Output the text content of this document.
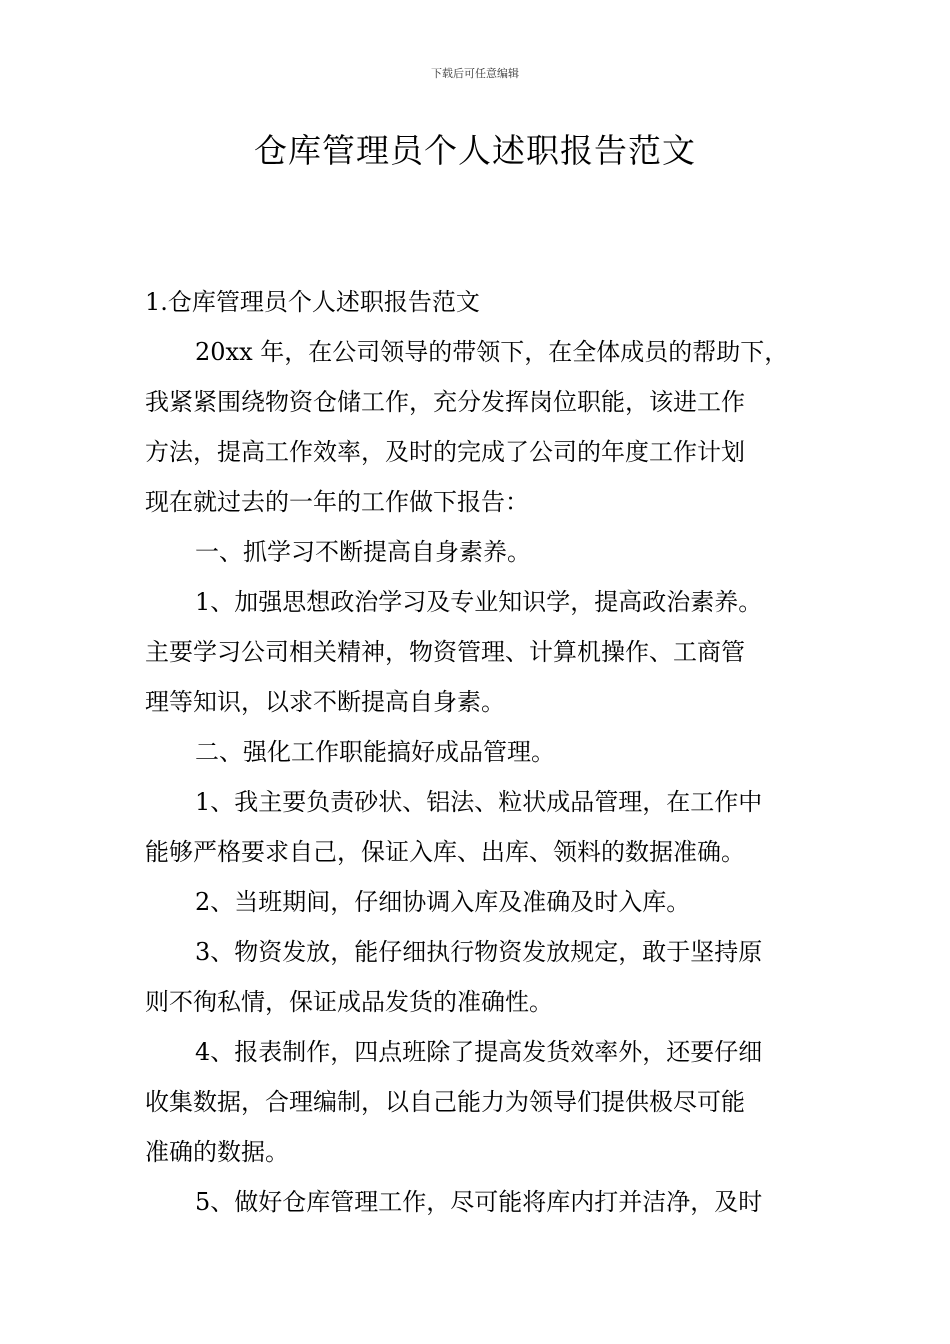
下载后可任意编辑
仓库管理员个人述职报告范文
1.仓库管理员个人述职报告范文
20xx 年，在公司领导的带领下，在全体成员的帮助下，
我紧紧围绕物资仓储工作，充分发挥岗位职能，该进工作
方法，提高工作效率，及时的完成了公司的年度工作计划
现在就过去的一年的工作做下报告：
一、抓学习不断提高自身素养。
1、加强思想政治学习及专业知识学，提高政治素养。
主要学习公司相关精神，物资管理、计算机操作、工商管
理等知识，以求不断提高自身素。
二、强化工作职能搞好成品管理。
1、我主要负责砂状、铝法、粒状成品管理，在工作中
能够严格要求自己，保证入库、出库、领料的数据准确。
2、当班期间，仔细协调入库及准确及时入库。
3、物资发放，能仔细执行物资发放规定，敢于坚持原
则不徇私情，保证成品发货的准确性。
4、报表制作，四点班除了提高发货效率外，还要仔细
收集数据，合理编制，以自己能力为领导们提供极尽可能
准确的数据。
5、做好仓库管理工作，尽可能将库内打并洁净，及时
